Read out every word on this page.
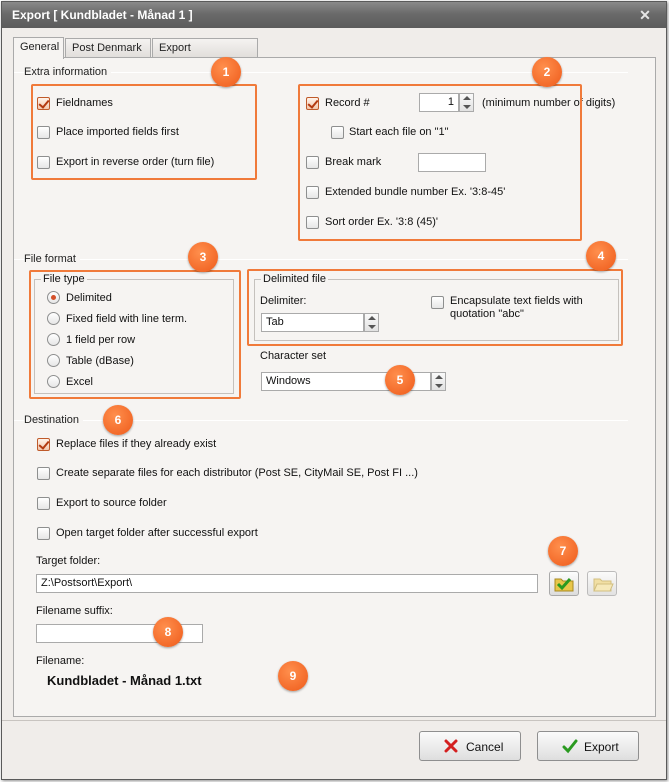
Export [ Kundbladet - Månad 1 ]	✕
General	Post Denmark	Export
Extra information
Fieldnames
Place imported fields first
Export in reverse order (turn file)
Record #	1	(minimum number of digits)
Start each file on "1"
Break mark
Extended bundle number Ex. '3:8-45'
Sort order Ex. '3:8 (45)'
File format
File type
Delimited
Fixed field with line term.
1 field per row
Table (dBase)
Excel
Delimited file
Delimiter:
Tab
Encapsulate text fields with quotation "abc"
Character set
Windows
Destination
Replace files if they already exist
Create separate files for each distributor (Post SE, CityMail SE, Post FI ...)
Export to source folder
Open target folder after successful export
Target folder:
Z:\Postsort\Export\
Filename suffix:
Filename:
Kundbladet - Månad 1.txt
1	2
3	4
5
6
7
8
9
Cancel	Export
